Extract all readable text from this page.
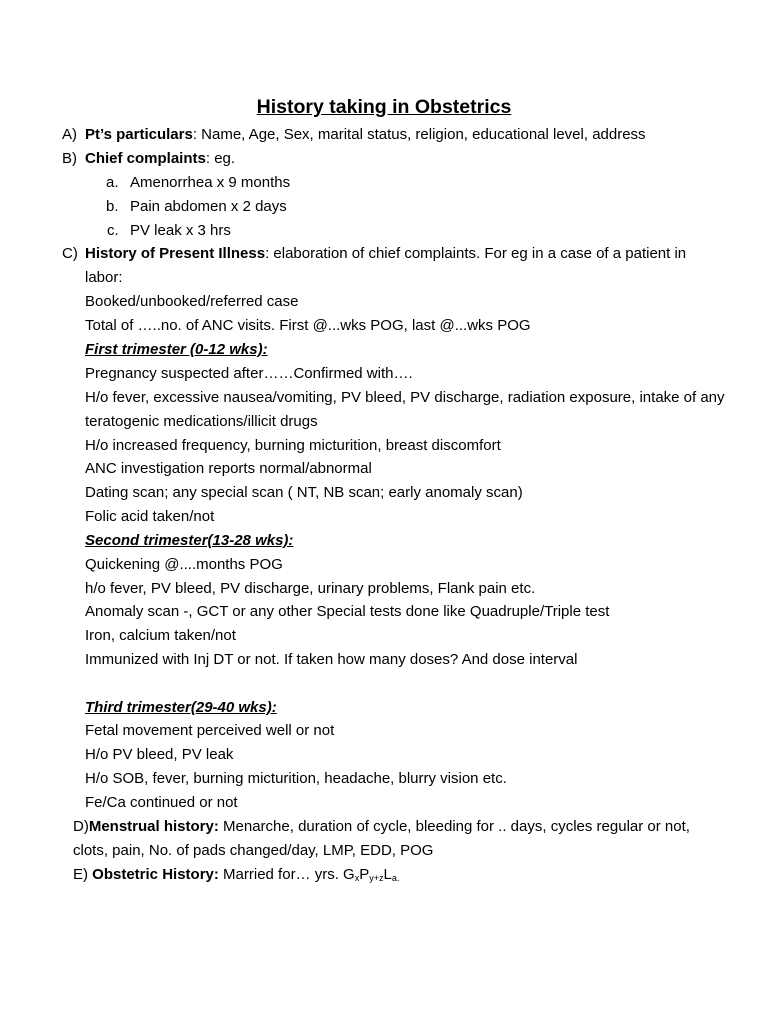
History taking in Obstetrics
A) Pt’s particulars: Name, Age, Sex, marital status, religion, educational level, address
B) Chief complaints: eg.
a. Amenorrhea x 9 months
b. Pain abdomen x 2 days
c. PV leak x 3 hrs
C) History of Present Illness: elaboration of chief complaints. For eg in a case of a patient in
labor:
Booked/unbooked/referred case
Total of …..no. of ANC visits. First @...wks POG, last @...wks POG
First trimester (0-12 wks):
Pregnancy suspected after……Confirmed with….
H/o fever, excessive nausea/vomiting, PV bleed, PV discharge, radiation exposure, intake of any
teratogenic medications/illicit drugs
H/o increased frequency, burning micturition, breast discomfort
ANC investigation reports normal/abnormal
Dating scan; any special scan ( NT, NB scan; early anomaly scan)
Folic acid taken/not
Second trimester(13-28 wks):
Quickening @....months POG
h/o fever, PV bleed, PV discharge, urinary problems, Flank pain etc.
Anomaly scan -, GCT or any other Special tests done like Quadruple/Triple test
Iron, calcium taken/not
Immunized with Inj DT or not. If taken how many doses? And dose interval
Third trimester(29-40 wks):
Fetal movement perceived well or not
H/o PV bleed, PV leak
H/o SOB, fever, burning micturition, headache, blurry vision etc.
Fe/Ca continued or not
D)Menstrual history: Menarche, duration of cycle, bleeding for .. days, cycles regular or not,
clots, pain, No. of pads changed/day, LMP, EDD, POG
E) Obstetric History: Married for… yrs. $G_xP_{y+z}L_{a.}$
